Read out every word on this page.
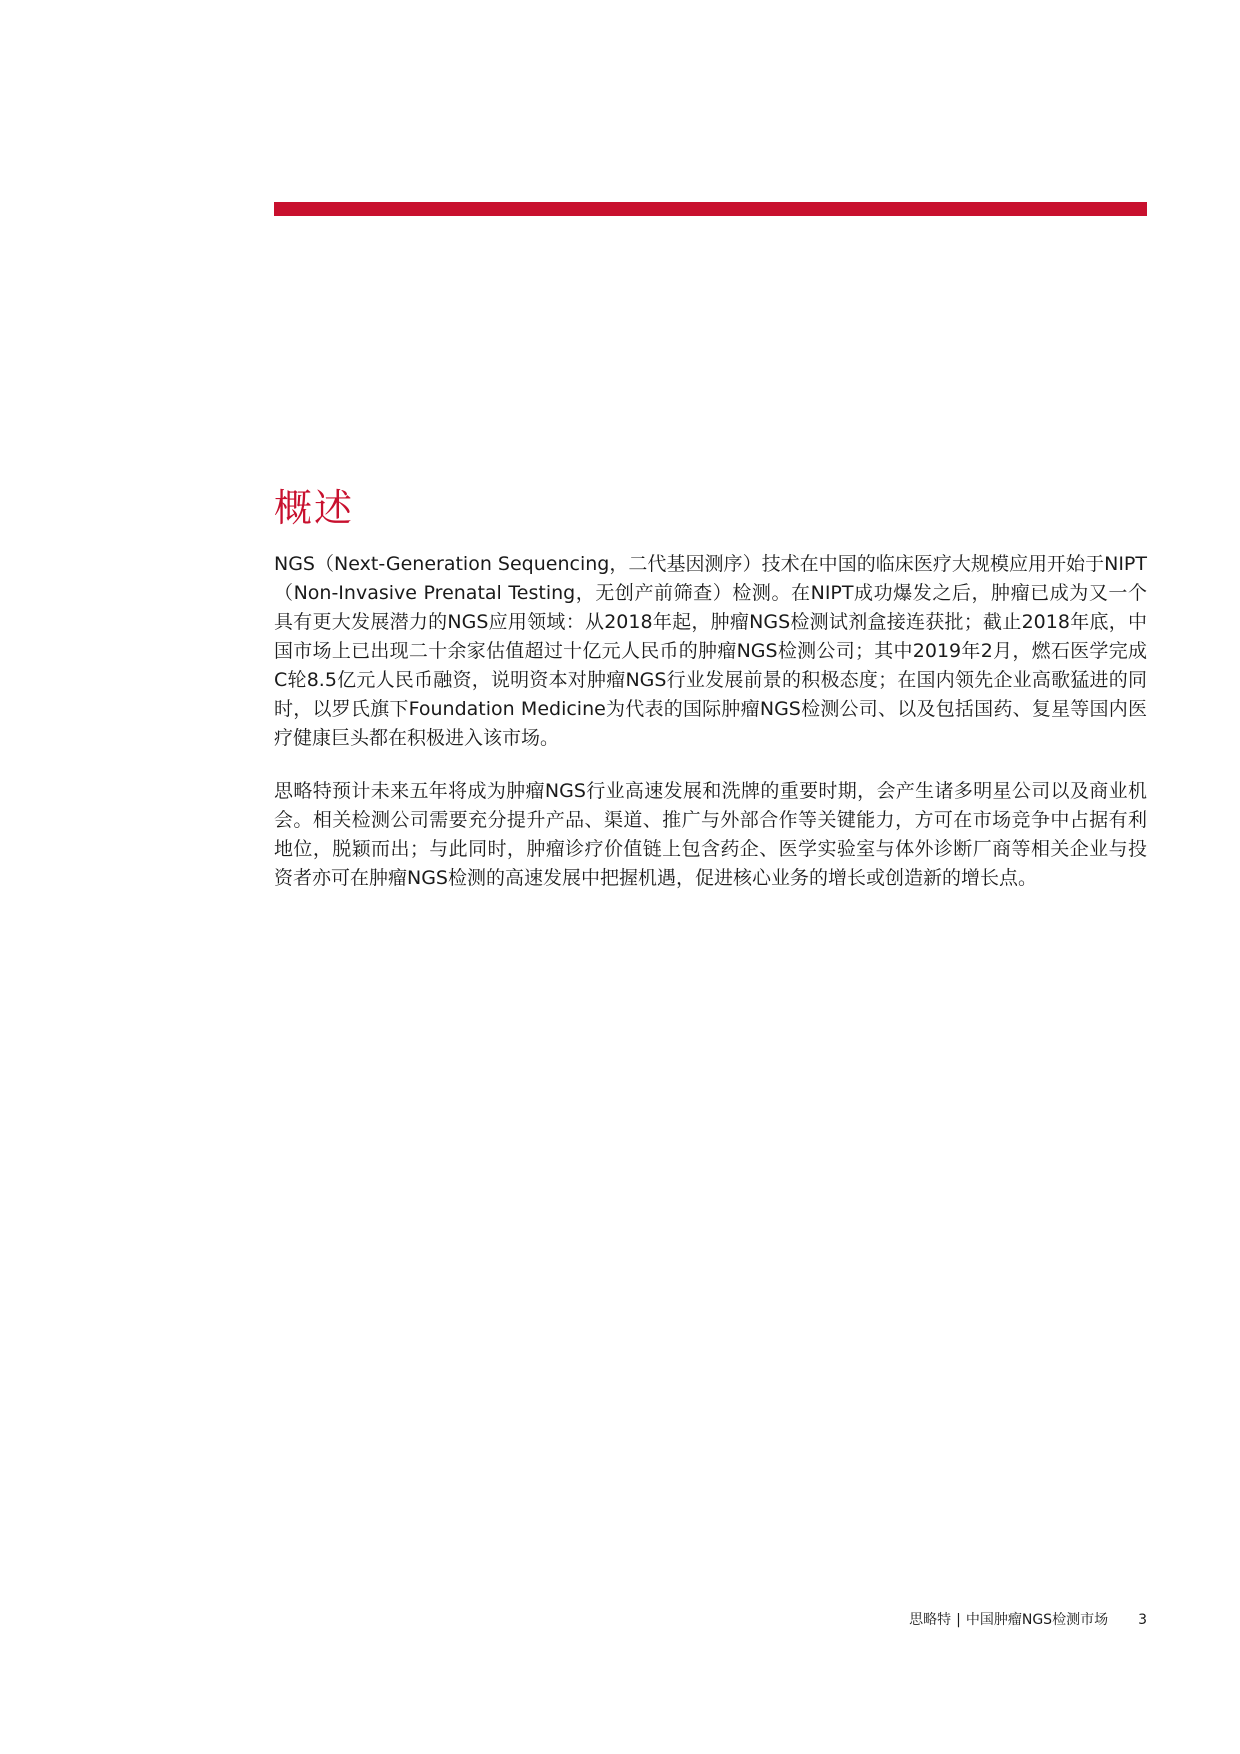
概述

NGS（Next-Generation Sequencing，二代基因测序）技术在中国的临床医疗大规模应用开始于NIPT（Non-Invasive Prenatal Testing，无创产前筛查）检测。在NIPT成功爆发之后，肿瘤已成为又一个具有更大发展潜力的NGS应用领域：从2018年起，肿瘤NGS检测试剂盒接连获批；截止2018年底，中国市场上已出现二十余家估值超过十亿元人民币的肿瘤NGS检测公司；其中2019年2月，燃石医学完成C轮8.5亿元人民币融资，说明资本对肿瘤NGS行业发展前景的积极态度；在国内领先企业高歌猛进的同时，以罗氏旗下Foundation Medicine为代表的国际肿瘤NGS检测公司、以及包括国药、复星等国内医疗健康巨头都在积极进入该市场。

思略特预计未来五年将成为肿瘤NGS行业高速发展和洗牌的重要时期，会产生诸多明星公司以及商业机会。相关检测公司需要充分提升产品、渠道、推广与外部合作等关键能力，方可在市场竞争中占据有利地位，脱颖而出；与此同时，肿瘤诊疗价值链上包含药企、医学实验室与体外诊断厂商等相关企业与投资者亦可在肿瘤NGS检测的高速发展中把握机遇，促进核心业务的增长或创造新的增长点。

思略特 | 中国肿瘤NGS检测市场 3
